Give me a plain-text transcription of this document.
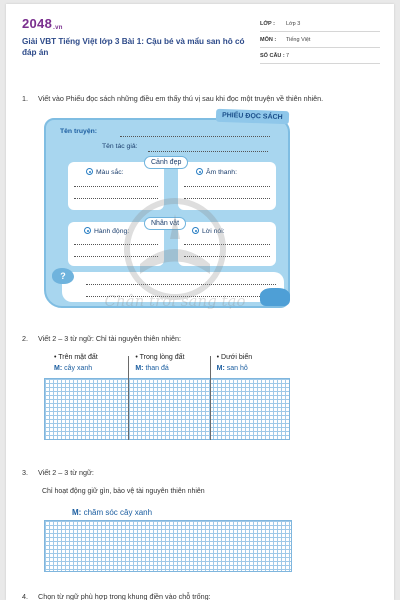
2048.vn
Giải VBT Tiếng Việt lớp 3 Bài 1: Cậu bé và mẩu san hô có đáp án
LỚP :	Lớp 3
MÔN :	Tiếng Việt
SỐ CÂU : 7
1. Viết vào Phiếu đọc sách những điều em thấy thú vị sau khi đọc một truyện về thiên nhiên.
PHIẾU ĐỌC SÁCH
Tên truyện:
Tên tác giả:
Cảnh đẹp
Màu sắc:	Âm thanh:
Nhân vật
Hành động:	Lời nói:
?
Chân trời sáng tạo
2. Viết 2 – 3 từ ngữ: Chỉ tài nguyên thiên nhiên:
• Trên mặt đất
M: cây xanh
• Trong lòng đất
M: than đá
• Dưới biển
M: san hô
3. Viết 2 – 3 từ ngữ:
Chỉ hoạt động giữ gìn, bảo vệ tài nguyên thiên nhiên
M: chăm sóc cây xanh
4. Chọn từ ngữ phù hợp trong khung điền vào chỗ trống:
